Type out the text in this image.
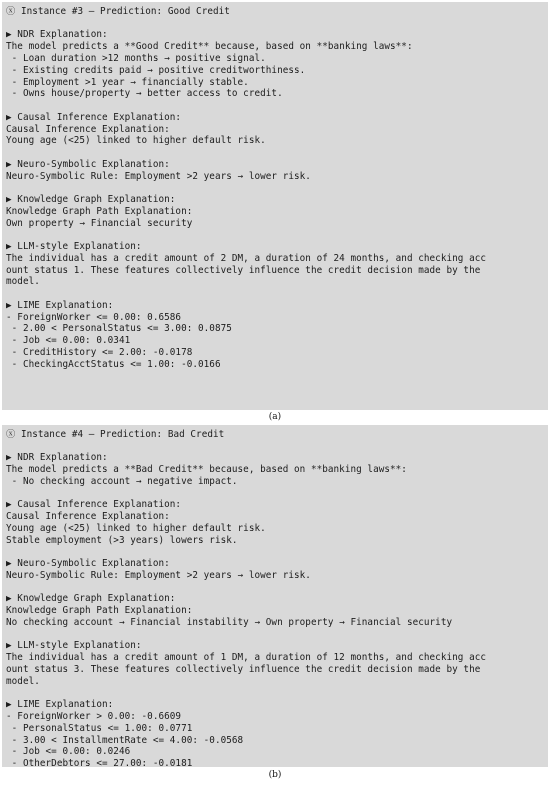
ⓧ Instance #3 — Prediction: Good Credit
▶ NDR Explanation:
The model predicts a **Good Credit** because, based on **banking laws**:
- Loan duration >12 months → positive signal.
- Existing credits paid → positive creditworthiness.
- Employment >1 year → financially stable.
- Owns house/property → better access to credit.
▶ Causal Inference Explanation:
Causal Inference Explanation:
Young age (<25) linked to higher default risk.
▶ Neuro-Symbolic Explanation:
Neuro-Symbolic Rule: Employment >2 years → lower risk.
▶ Knowledge Graph Explanation:
Knowledge Graph Path Explanation:
Own property → Financial security
▶ LLM-style Explanation:
The individual has a credit amount of 2 DM, a duration of 24 months, and checking acc
ount status 1. These features collectively influence the credit decision made by the
model.
▶ LIME Explanation:
- ForeignWorker <= 0.00: 0.6586
- 2.00 < PersonalStatus <= 3.00: 0.0875
- Job <= 0.00: 0.0341
- CreditHistory <= 2.00: -0.0178
- CheckingAcctStatus <= 1.00: -0.0166
(a)
ⓧ Instance #4 — Prediction: Bad Credit
▶ NDR Explanation:
The model predicts a **Bad Credit** because, based on **banking laws**:
- No checking account → negative impact.
▶ Causal Inference Explanation:
Causal Inference Explanation:
Young age (<25) linked to higher default risk.
Stable employment (>3 years) lowers risk.
▶ Neuro-Symbolic Explanation:
Neuro-Symbolic Rule: Employment >2 years → lower risk.
▶ Knowledge Graph Explanation:
Knowledge Graph Path Explanation:
No checking account → Financial instability → Own property → Financial security
▶ LLM-style Explanation:
The individual has a credit amount of 1 DM, a duration of 12 months, and checking acc
ount status 3. These features collectively influence the credit decision made by the
model.
▶ LIME Explanation:
- ForeignWorker > 0.00: -0.6609
- PersonalStatus <= 1.00: 0.0771
- 3.00 < InstallmentRate <= 4.00: -0.0568
- Job <= 0.00: 0.0246
- OtherDebtors <= 27.00: -0.0181
(b)
